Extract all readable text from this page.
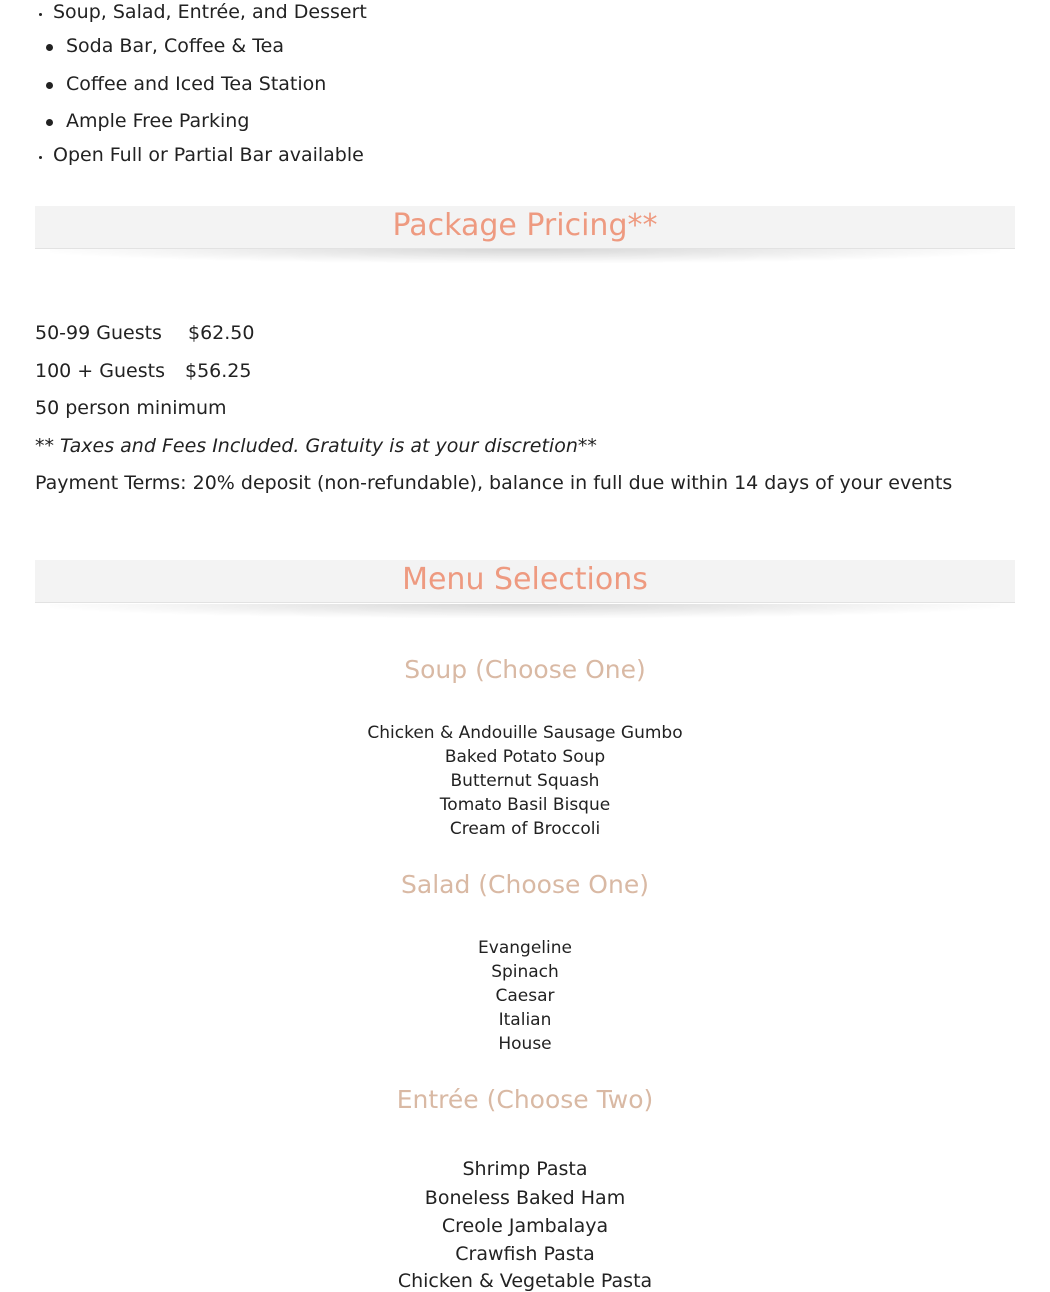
Soup, Salad, Entrée, and Dessert
Soda Bar, Coffee & Tea
Coffee and Iced Tea Station
Ample Free Parking
Open Full or Partial Bar available
Package Pricing**
50-99 Guests $62.50
100 + Guests $56.25
50 person minimum
** Taxes and Fees Included. Gratuity is at your discretion**
Payment Terms: 20% deposit (non-refundable), balance in full due within 14 days of your events
Menu Selections
Soup (Choose One)
Chicken & Andouille Sausage Gumbo
Baked Potato Soup
Butternut Squash
Tomato Basil Bisque
Cream of Broccoli
Salad (Choose One)
Evangeline
Spinach
Caesar
Italian
House
Entrée (Choose Two)
Shrimp Pasta
Boneless Baked Ham
Creole Jambalaya
Crawfish Pasta
Chicken & Vegetable Pasta
